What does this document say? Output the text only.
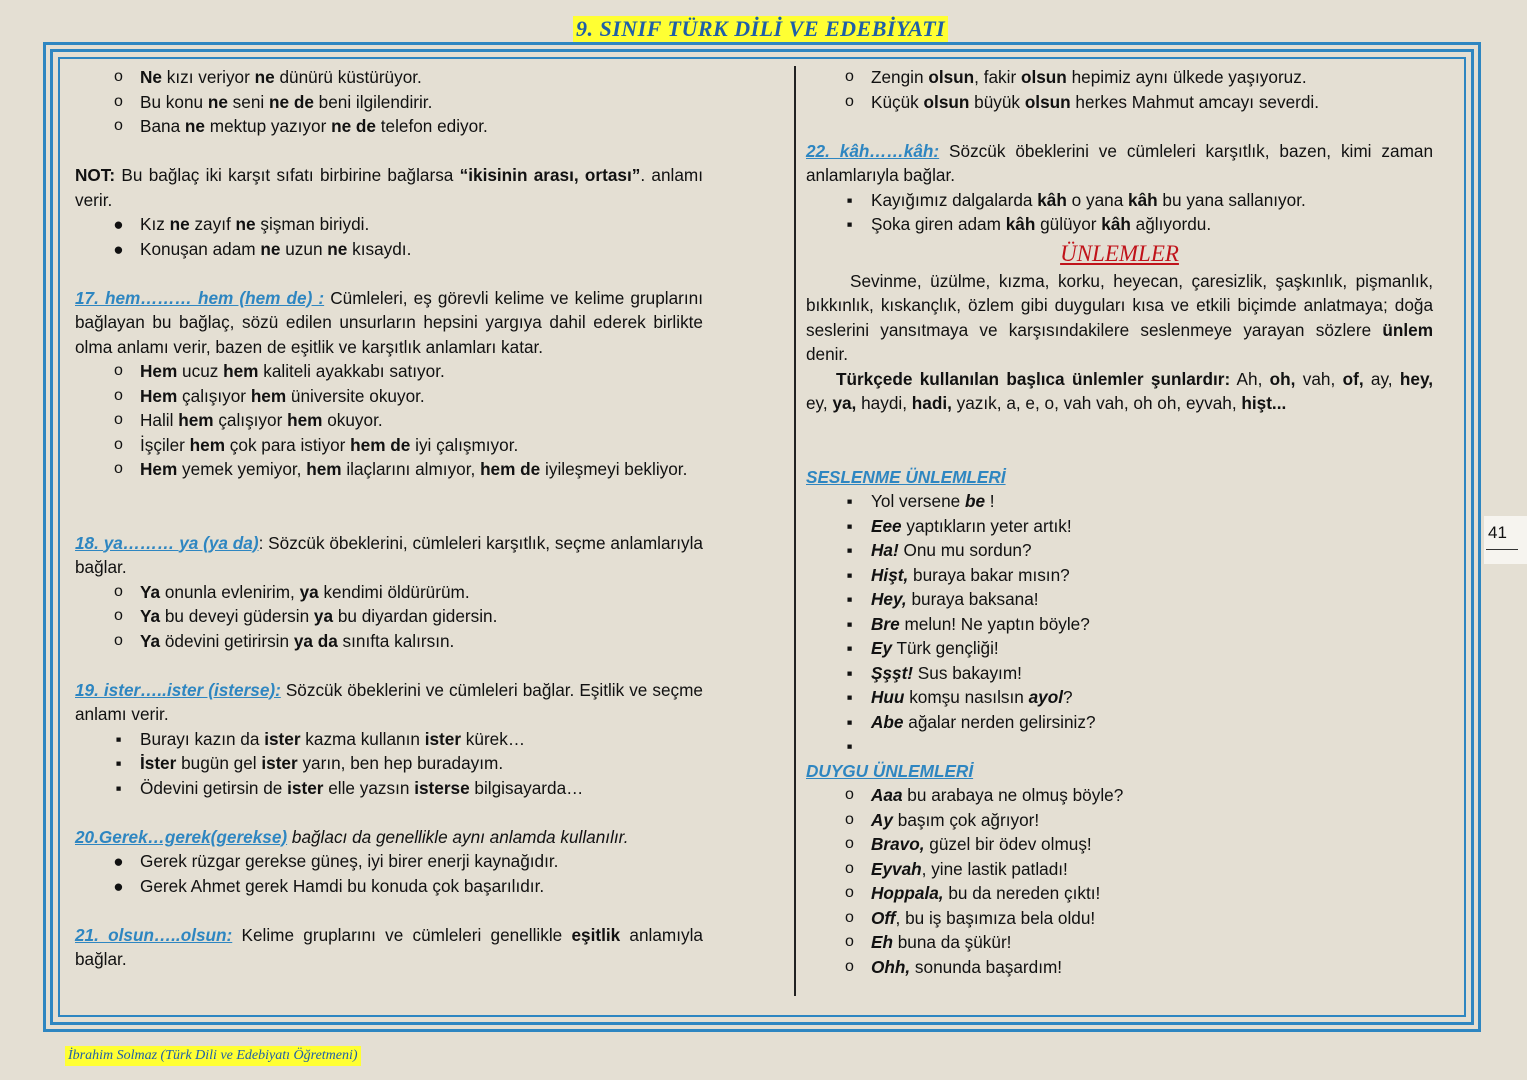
9. SINIF TÜRK DİLİ VE EDEBİYATI
o Ne kızı veriyor ne dünürü küstürüyor.
o Bu konu ne seni ne de beni ilgilendirir.
o Bana ne mektup yazıyor ne de telefon ediyor.

NOT: Bu bağlaç iki karşıt sıfatı birbirine bağlarsa “ikisinin arası, ortası”. anlamı verir.

● Kız ne zayıf ne şişman biriydi.
● Konuşan adam ne uzun ne kısaydı.

17. hem……… hem (hem de) : Cümleleri, eş görevli kelime ve kelime gruplarını bağlayan bu bağlaç, sözü edilen unsurların hepsini yargıya dahil ederek birlikte olma anlamı verir, bazen de eşitlik ve karşıtlık anlamları katar.

o Hem ucuz hem kaliteli ayakkabı satıyor.
o Hem çalışıyor hem üniversite okuyor.
o Halil hem çalışıyor hem okuyor.
o İşçiler hem çok para istiyor hem de iyi çalışmıyor.
o Hem yemek yemiyor, hem ilaçlarını almıyor, hem de iyileşmeyi bekliyor.

18. ya……… ya (ya da): Sözcük öbeklerini, cümleleri karşıtlık, seçme anlamlarıyla bağlar.

o Ya onunla evlenirim, ya kendimi öldürürüm.
o Ya bu deveyi güdersin ya bu diyardan gidersin.
o Ya ödevini getirirsin ya da sınıfta kalırsın.

19. ister…..ister (isterse): Sözcük öbeklerini ve cümleleri bağlar. Eşitlik ve seçme anlamı verir.

▪	Burayı kazın da ister kazma kullanın ister kürek…
▪	İster bugün gel ister yarın, ben hep buradayım.
▪	Ödevini getirsin de ister elle yazsın isterse bilgisayarda…

20.Gerek…gerek(gerekse) bağlacı da genellikle aynı anlamda kullanılır.

● Gerek rüzgar gerekse güneş, iyi birer enerji kaynağıdır.
● Gerek Ahmet gerek Hamdi bu konuda çok başarılıdır.

21. olsun…..olsun: Kelime gruplarını ve cümleleri genellikle eşitlik anlamıyla bağlar.

o Zengin olsun, fakir olsun hepimiz aynı ülkede yaşıyoruz.
o Küçük olsun büyük olsun herkes Mahmut amcayı severdi.

22. kâh……kâh: Sözcük öbeklerini ve cümleleri karşıtlık, bazen, kimi zaman anlamlarıyla bağlar.

▪	Kayığımız dalgalarda kâh o yana kâh bu yana sallanıyor.
▪	Şoka giren adam kâh gülüyor kâh ağlıyordu.
ÜNLEMLER

Sevinme, üzülme, kızma, korku, heyecan, çaresizlik, şaşkınlık, pişmanlık, bıkkınlık, kıskançlık, özlem gibi duyguları kısa ve etkili biçimde anlatmaya; doğa seslerini yansıtmaya ve karşısındakilere seslenmeye yarayan sözlere ünlem denir.

Türkçede kullanılan başlıca ünlemler şunlardır: Ah, oh, vah, of, ay, hey, ey, ya, haydi, hadi, yazık, a, e, o, vah vah, oh oh, eyvah, hişt...

SESLENME ÜNLEMLERİ
▪	Yol versene be !
▪	Eee yaptıkların yeter artık!
▪	Ha! Onu mu sordun?
▪	Hişt, buraya bakar mısın?
▪	Hey, buraya baksana!
▪	Bre melun! Ne yaptın böyle?
▪	Ey Türk gençliği!
▪	Şşşt! Sus bakayım!
▪	Huu komşu nasılsın ayol?
▪	Abe ağalar nerden gelirsiniz?
▪
DUYGU ÜNLEMLERİ
o Aaa bu arabaya ne olmuş böyle?
o Ay başım çok ağrıyor!
o Bravo, güzel bir ödev olmuş!
o Eyvah, yine lastik patladı!
o Hoppala, bu da nereden çıktı!
o Off, bu iş başımıza bela oldu!
o Eh buna da şükür!
o Ohh, sonunda başardım!
41
İbrahim Solmaz (Türk Dili ve Edebiyatı Öğretmeni)
